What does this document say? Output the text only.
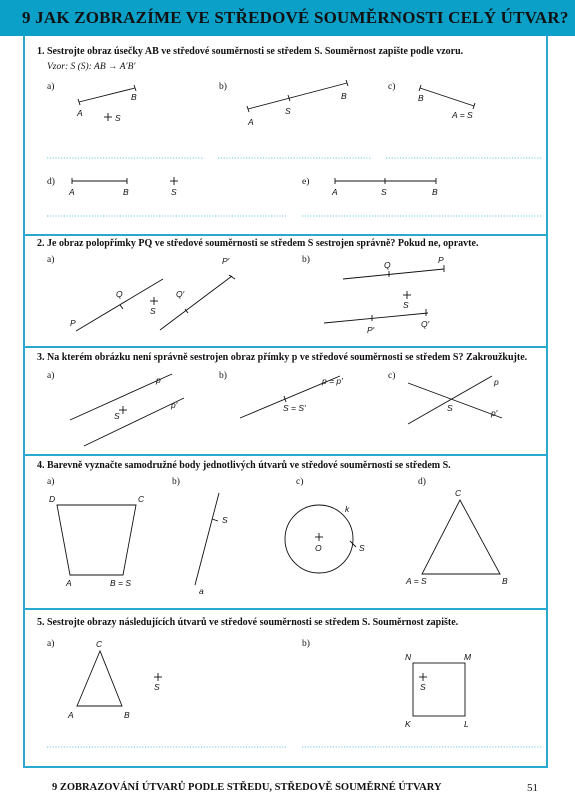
9 JAK ZOBRAZÍME VE STŘEDOVÉ SOUMĚRNOSTI CELÝ ÚTVAR?
1. Sestrojte obraz úsečky AB ve středové souměrnosti se středem S. Souměrnost zapište podle vzoru.
Vzor: S (S): AB → A′B′
2. Je obraz polopřímky PQ ve středové souměrnosti se středem S sestrojen správně? Pokud ne, opravte.
3. Na kterém obrázku není správně sestrojen obraz přímky p ve středové souměrnosti se středem S? Zakroužkujte.
4. Barevně vyznačte samodružné body jednotlivých útvarů ve středové souměrnosti se středem S.
5. Sestrojte obrazy následujících útvarů ve středové souměrnosti se středem S. Souměrnost zapište.
a)	b)	c)
d)	e)
A
B
S	A
S
B	B
A = S
A	B	S	A	S	B
a)	b)
P
Q
S
Q′
P′	Q	P
S
P′
Q′
a)	b)	c)
p
S
p′
p = p′
S = S′
p
S	p′
a)	b)	c)	d)
D	C
A	B = S
S
a
k
O	S
C
A = S	B
a)	b)
C
A	B
S
N	M
S
K	L
9 ZOBRAZOVÁNÍ ÚTVARŮ PODLE STŘEDU, STŘEDOVĚ SOUMĚRNÉ ÚTVARY	51
